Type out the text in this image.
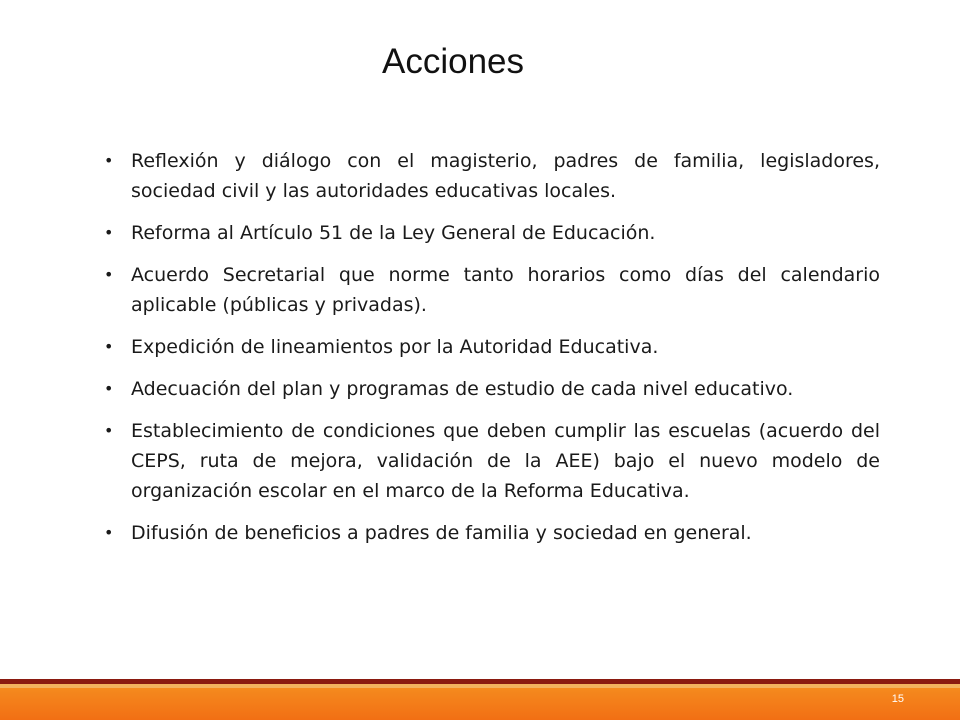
Acciones
• Reflexión y diálogo con el magisterio, padres de familia, legisladores, sociedad civil y las autoridades educativas locales.
• Reforma al Artículo 51 de la Ley General de Educación.
• Acuerdo Secretarial que norme tanto horarios como días del calendario aplicable (públicas y privadas).
• Expedición de lineamientos por la Autoridad Educativa.
• Adecuación del plan y programas de estudio de cada nivel educativo.
• Establecimiento de condiciones que deben cumplir las escuelas (acuerdo del CEPS, ruta de mejora, validación de la AEE) bajo el nuevo modelo de organización escolar en el marco de la Reforma Educativa.
• Difusión de beneficios a padres de familia y sociedad en general.
15
